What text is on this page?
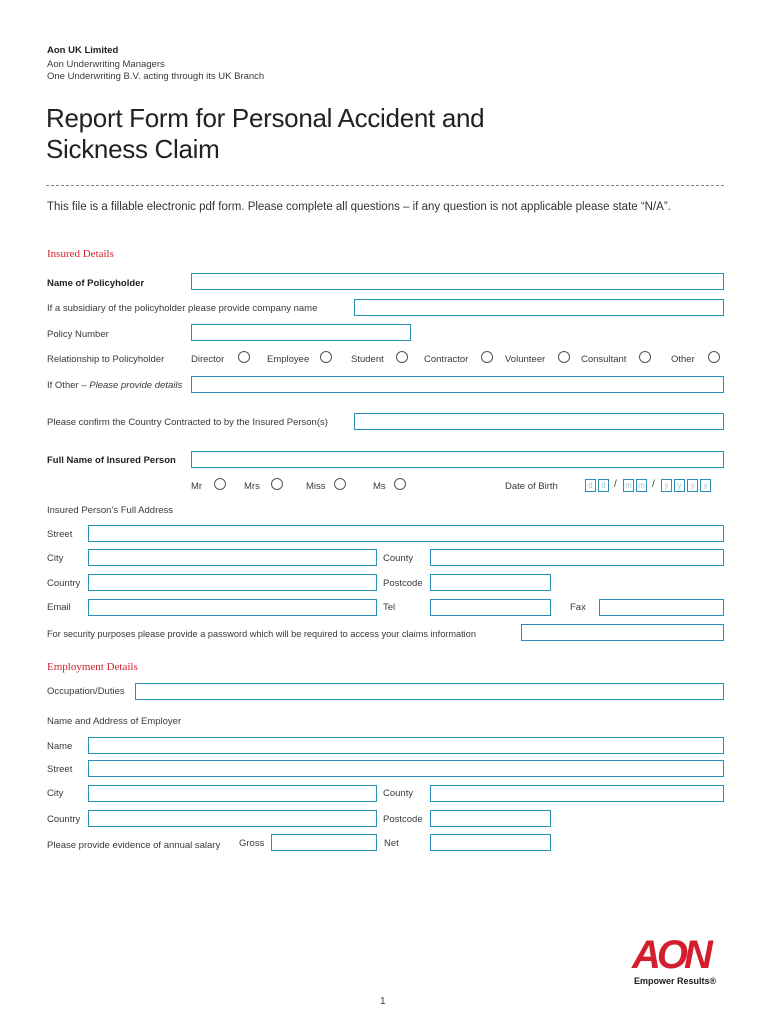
Aon UK Limited
Aon Underwriting Managers
One Underwriting B.V. acting through its UK Branch
Report Form for Personal Accident and
Sickness Claim
This file is a fillable electronic pdf form. Please complete all questions – if any question is not applicable please state “N/A”.
Insured Details
Name of Policyholder
If a subsidiary of the policyholder please provide company name
Policy Number
Relationship to Policyholder	Director	Employee	Student	Contractor	Volunteer	Consultant	Other
If Other – Please provide details
Please confirm the Country Contracted to by the Insured Person(s)
Full Name of Insured Person
Mr	Mrs	Miss	Ms	Date of Birth	d	d / m m /	y	y	y	y
Insured Person’s Full Address
Street
City	County
Country	Postcode
Email	Tel	Fax
For security purposes please provide a password which will be required to access your claims information
Employment Details
Occupation/Duties
Name and Address of Employer
Name
Street
City	County
Country	Postcode
Please provide evidence of annual salary Gross	Net
AON
Empower Results®
1
